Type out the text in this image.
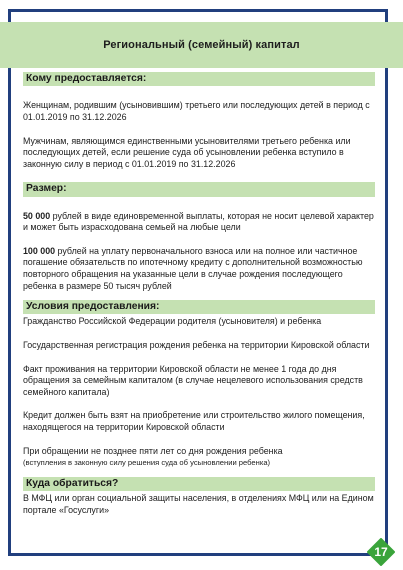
Региональный (семейный) капитал
Кому предоставляется:

Женщинам, родившим (усыновившим) третьего или последующих детей в период с 01.01.2019 по 31.12.2026

Мужчинам, являющимся единственными усыновителями третьего ребенка или последующих детей, если решение суда об усыновлении ребенка вступило в законную силу в период с 01.01.2019 по 31.12.2026

Размер:

50 000 рублей в виде единовременной выплаты, которая не носит целевой характер и может быть израсходована семьей на любые цели

100 000 рублей на уплату первоначального взноса или на полное или частичное погашение обязательств по ипотечному кредиту с дополнительной возможностью повторного обращения на указанные цели в случае рождения последующего ребенка в размере 50 тысяч рублей

Условия предоставления:

Гражданство Российской Федерации родителя (усыновителя) и ребенка

Государственная регистрация рождения ребенка на территории Кировской области

Факт проживания на территории Кировской области не менее 1 года до дня обращения за семейным капиталом (в случае нецелевого использования средств семейного капитала)

Кредит должен быть взят на приобретение или строительство жилого помещения, находящегося на территории Кировской области

При обращении не позднее пяти лет со дня рождения ребенка
(вступления в законную силу решения суда об усыновлении ребенка)

Куда обратиться?

В МФЦ или орган социальной защиты населения, в отделениях МФЦ или на Едином портале «Госуслуги»

17
